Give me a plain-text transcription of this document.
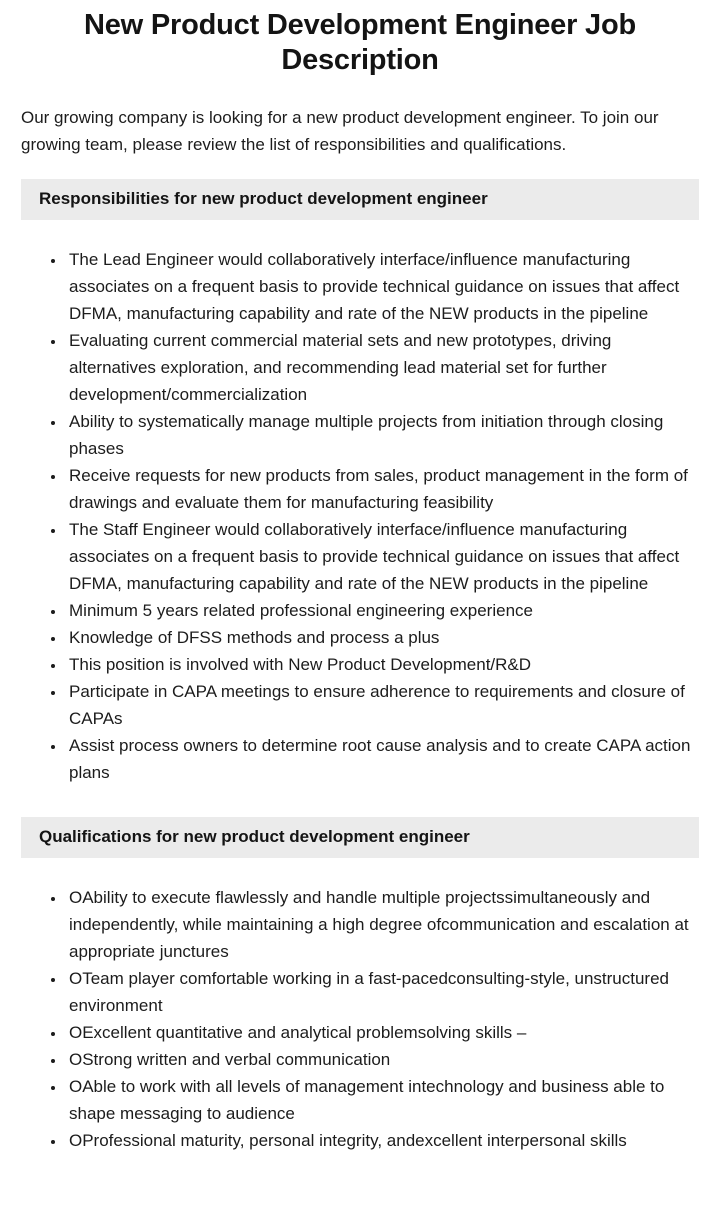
New Product Development Engineer Job Description

Our growing company is looking for a new product development engineer. To join our growing team, please review the list of responsibilities and qualifications.

Responsibilities for new product development engineer
• The Lead Engineer would collaboratively interface/influence manufacturing associates on a frequent basis to provide technical guidance on issues that affect DFMA, manufacturing capability and rate of the NEW products in the pipeline
• Evaluating current commercial material sets and new prototypes, driving alternatives exploration, and recommending lead material set for further development/commercialization
• Ability to systematically manage multiple projects from initiation through closing phases
• Receive requests for new products from sales, product management in the form of drawings and evaluate them for manufacturing feasibility
• The Staff Engineer would collaboratively interface/influence manufacturing associates on a frequent basis to provide technical guidance on issues that affect DFMA, manufacturing capability and rate of the NEW products in the pipeline
• Minimum 5 years related professional engineering experience
• Knowledge of DFSS methods and process a plus
• This position is involved with New Product Development/R&D
• Participate in CAPA meetings to ensure adherence to requirements and closure of CAPAs
• Assist process owners to determine root cause analysis and to create CAPA action plans
Qualifications for new product development engineer
• OAbility to execute flawlessly and handle multiple projectssimultaneously and independently, while maintaining a high degree ofcommunication and escalation at appropriate junctures
• OTeam player comfortable working in a fast-pacedconsulting-style, unstructured environment
• OExcellent quantitative and analytical problemsolving skills –
• OStrong written and verbal communication
• OAble to work with all levels of management intechnology and business able to shape messaging to audience
• OProfessional maturity, personal integrity, andexcellent interpersonal skills
